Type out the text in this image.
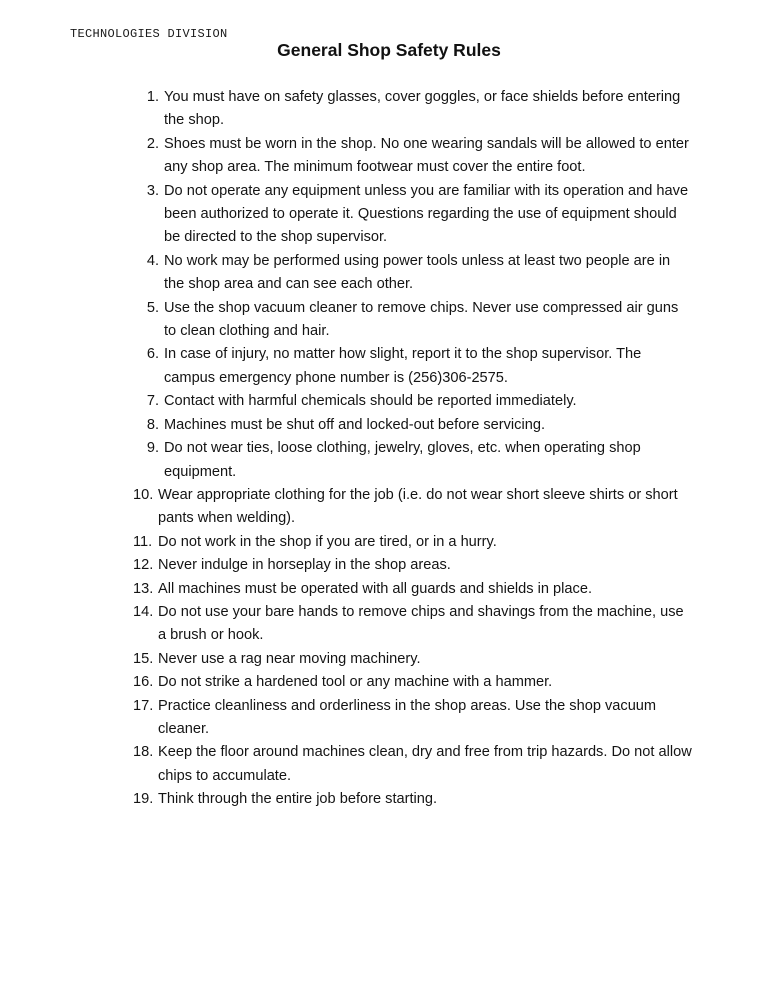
TECHNOLOGIES DIVISION
General Shop Safety Rules
1. You must have on safety glasses, cover goggles, or face shields before entering the shop.
2. Shoes must be worn in the shop. No one wearing sandals will be allowed to enter any shop area. The minimum footwear must cover the entire foot.
3. Do not operate any equipment unless you are familiar with its operation and have been authorized to operate it. Questions regarding the use of equipment should be directed to the shop supervisor.
4. No work may be performed using power tools unless at least two people are in the shop area and can see each other.
5. Use the shop vacuum cleaner to remove chips. Never use compressed air guns to clean clothing and hair.
6. In case of injury, no matter how slight, report it to the shop supervisor. The campus emergency phone number is (256)306-2575.
7. Contact with harmful chemicals should be reported immediately.
8. Machines must be shut off and locked-out before servicing.
9. Do not wear ties, loose clothing, jewelry, gloves, etc. when operating shop equipment.
10. Wear appropriate clothing for the job (i.e. do not wear short sleeve shirts or short pants when welding).
11. Do not work in the shop if you are tired, or in a hurry.
12. Never indulge in horseplay in the shop areas.
13. All machines must be operated with all guards and shields in place.
14. Do not use your bare hands to remove chips and shavings from the machine, use a brush or hook.
15. Never use a rag near moving machinery.
16. Do not strike a hardened tool or any machine with a hammer.
17. Practice cleanliness and orderliness in the shop areas. Use the shop vacuum cleaner.
18. Keep the floor around machines clean, dry and free from trip hazards. Do not allow chips to accumulate.
19. Think through the entire job before starting.
